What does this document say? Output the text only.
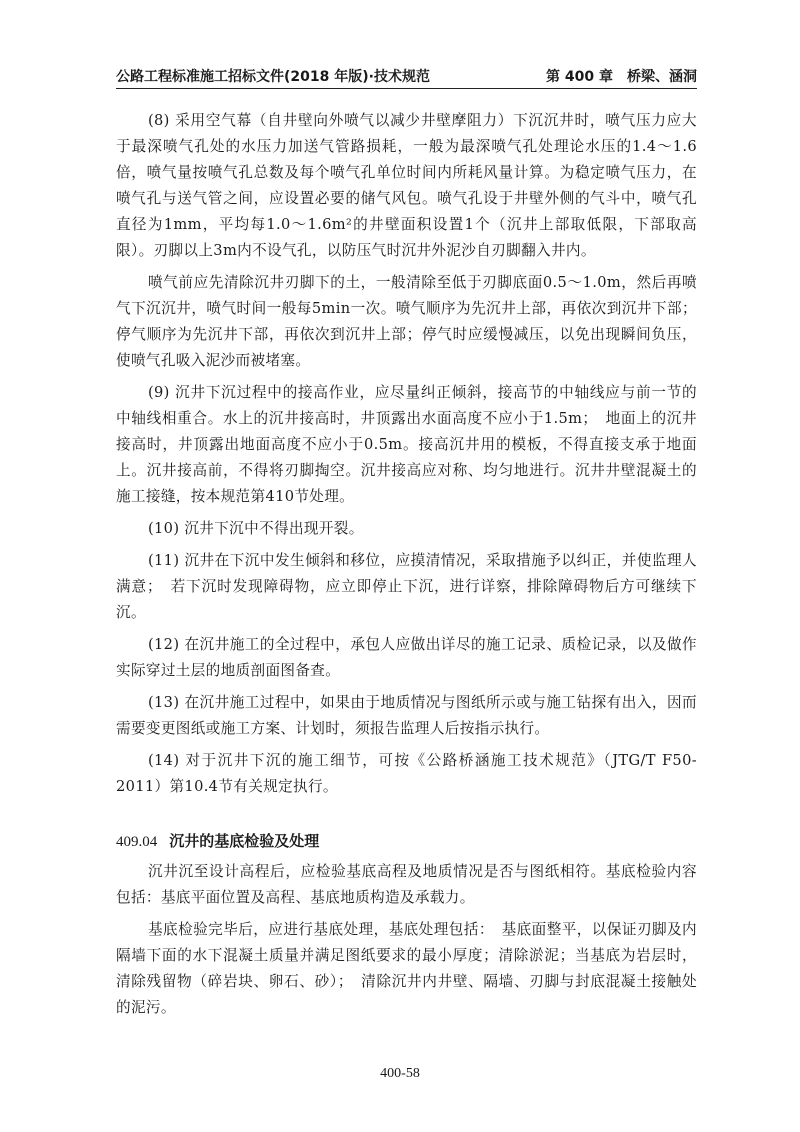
公路工程标准施工招标文件(2018 年版)·技术规范	第 400 章　桥梁、涵洞

(8) 采用空气幕（自井壁向外喷气以减少井壁摩阻力）下沉沉井时，喷气压力应大于最深喷气孔处的水压力加送气管路损耗，一般为最深喷气孔处理论水压的1.4～1.6倍，喷气量按喷气孔总数及每个喷气孔单位时间内所耗风量计算。为稳定喷气压力，在喷气孔与送气管之间，应设置必要的储气风包。喷气孔设于井壁外侧的气斗中，喷气孔直径为1mm，平均每1.0～1.6m²的井壁面积设置1个（沉井上部取低限，下部取高限）。刃脚以上3m内不设气孔，以防压气时沉井外泥沙自刃脚翻入井内。

喷气前应先清除沉井刃脚下的土，一般清除至低于刃脚底面0.5～1.0m，然后再喷气下沉沉井，喷气时间一般每5min一次。喷气顺序为先沉井上部，再依次到沉井下部；停气顺序为先沉井下部，再依次到沉井上部；停气时应缓慢减压，以免出现瞬间负压，使喷气孔吸入泥沙而被堵塞。

(9) 沉井下沉过程中的接高作业，应尽量纠正倾斜，接高节的中轴线应与前一节的中轴线相重合。水上的沉井接高时，井顶露出水面高度不应小于1.5m；　地面上的沉井接高时，井顶露出地面高度不应小于0.5m。接高沉井用的模板，不得直接支承于地面上。沉井接高前，不得将刃脚掏空。沉井接高应对称、均匀地进行。沉井井壁混凝土的施工接缝，按本规范第410节处理。

(10) 沉井下沉中不得出现开裂。

(11) 沉井在下沉中发生倾斜和移位，应摸清情况，采取措施予以纠正，并使监理人满意；　若下沉时发现障碍物，应立即停止下沉，进行详察，排除障碍物后方可继续下沉。

(12) 在沉井施工的全过程中，承包人应做出详尽的施工记录、质检记录，以及做作实际穿过土层的地质剖面图备查。

(13) 在沉井施工过程中，如果由于地质情况与图纸所示或与施工钻探有出入，因而需要变更图纸或施工方案、计划时，须报告监理人后按指示执行。

(14) 对于沉井下沉的施工细节，可按《公路桥涵施工技术规范》（JTG/T F50-2011）第10.4节有关规定执行。

409.04 沉井的基底检验及处理

沉井沉至设计高程后，应检验基底高程及地质情况是否与图纸相符。基底检验内容包括：基底平面位置及高程、基底地质构造及承载力。

基底检验完毕后，应进行基底处理，基底处理包括：　基底面整平，以保证刃脚及内隔墙下面的水下混凝土质量并满足图纸要求的最小厚度；清除淤泥；当基底为岩层时，清除残留物（碎岩块、卵石、砂）；　清除沉井内井壁、隔墙、刃脚与封底混凝土接触处的泥污。

400-58
